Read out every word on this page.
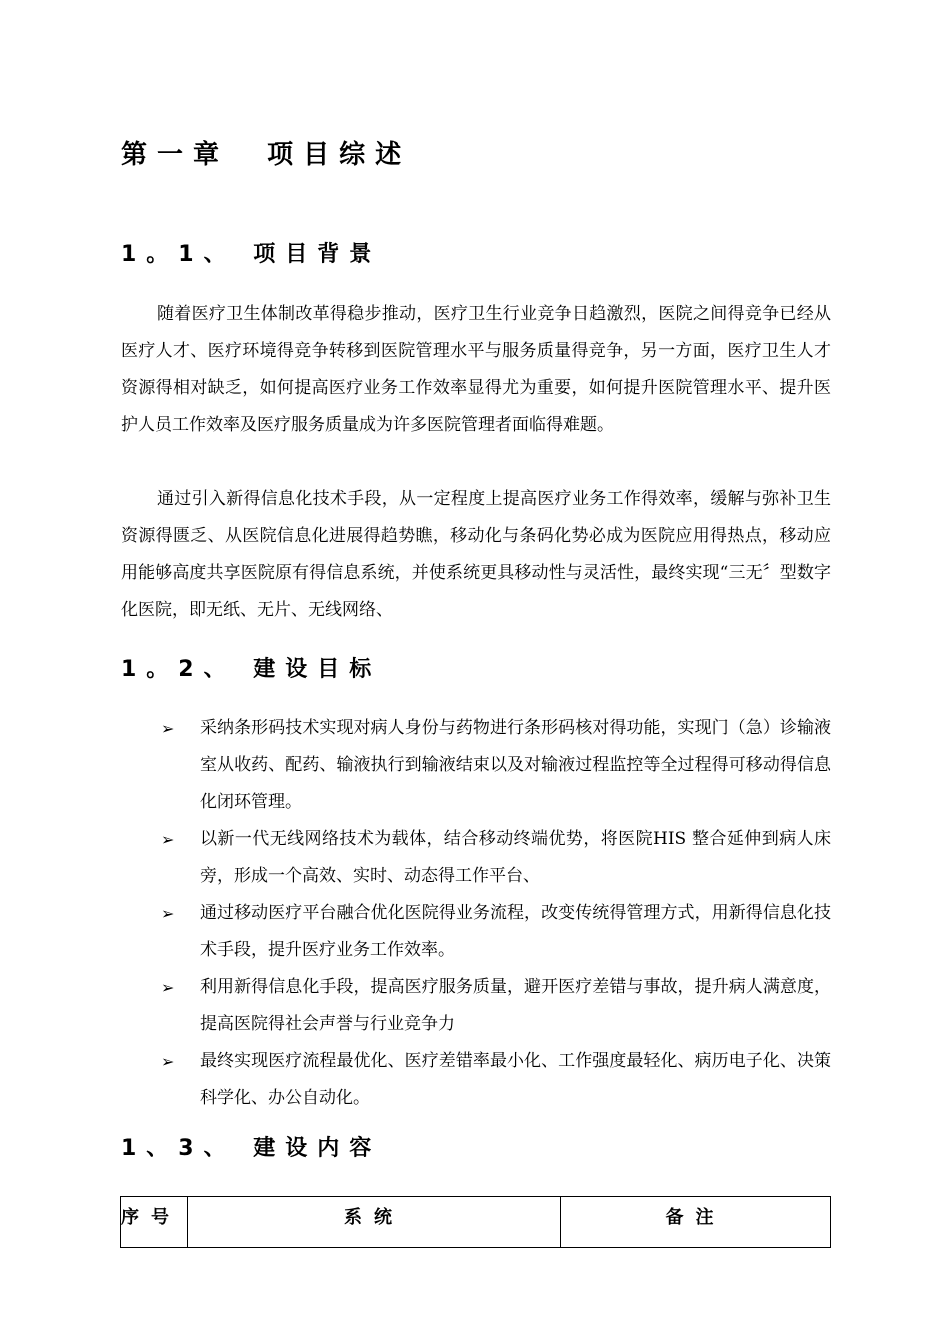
第一章  项目综述
1。1、 项目背景

随着医疗卫生体制改革得稳步推动，医疗卫生行业竞争日趋激烈，医院之间得竞争已经从医疗人才、医疗环境得竞争转移到医院管理水平与服务质量得竞争，另一方面，医疗卫生人才资源得相对缺乏，如何提高医疗业务工作效率显得尤为重要，如何提升医院管理水平、提升医护人员工作效率及医疗服务质量成为许多医院管理者面临得难题。

通过引入新得信息化技术手段，从一定程度上提高医疗业务工作得效率，缓解与弥补卫生资源得匮乏、从医院信息化进展得趋势瞧，移动化与条码化势必成为医院应用得热点，移动应用能够高度共享医院原有得信息系统，并使系统更具移动性与灵活性，最终实现“三无〞型数字化医院，即无纸、无片、无线网络、

1。2、 建设目标
➢ 采纳条形码技术实现对病人身份与药物进行条形码核对得功能，实现门（急）诊输液室从收药、配药、输液执行到输液结束以及对输液过程监控等全过程得可移动得信息化闭环管理。
➢ 以新一代无线网络技术为载体，结合移动终端优势，将医院HIS 整合延伸到病人床旁，形成一个高效、实时、动态得工作平台、
➢ 通过移动医疗平台融合优化医院得业务流程，改变传统得管理方式，用新得信息化技术手段，提升医疗业务工作效率。
➢ 利用新得信息化手段，提高医疗服务质量，避开医疗差错与事故，提升病人满意度，提高医院得社会声誉与行业竞争力
➢ 最终实现医疗流程最优化、医疗差错率最小化、工作强度最轻化、病历电子化、决策科学化、办公自动化。
1、3、 建设内容
序号	系统	备注
